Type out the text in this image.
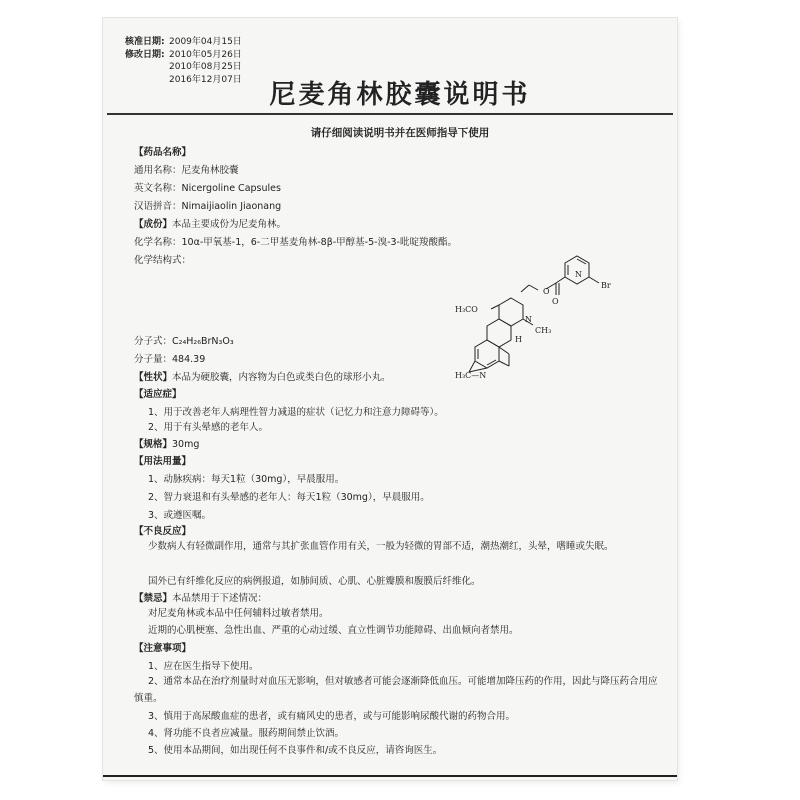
核准日期: 2009年04月15日
修改日期: 2010年05月26日
2010年08月25日
2016年12月07日
尼麦角林胶囊说明书
请仔细阅读说明书并在医师指导下使用
【药品名称】
通用名称：尼麦角林胶囊
英文名称：Nicergoline Capsules
汉语拼音：Nimaijiaolin Jiaonang
【成份】本品主要成份为尼麦角林。
化学名称：10α-甲氧基-1，6-二甲基麦角林-8β-甲醇基-5-溴-3-吡啶羧酸酯。
化学结构式：
O
O
Br
N
H₃CO
N
CH₃
H
H₃C—N
分子式：C₂₄H₂₆BrN₃O₃
分子量：484.39
【性状】本品为硬胶囊，内容物为白色或类白色的球形小丸。
【适应症】
1、用于改善老年人病理性智力减退的症状（记忆力和注意力障碍等）。
2、用于有头晕感的老年人。
【规格】30mg
【用法用量】
1、动脉疾病：每天1粒（30mg），早晨服用。
2、智力衰退和有头晕感的老年人：每天1粒（30mg），早晨服用。
3、或遵医嘱。
【不良反应】
少数病人有轻微副作用，通常与其扩张血管作用有关，一般为轻微的胃部不适，潮热潮红，头晕，嗜睡或失眠。
国外已有纤维化反应的病例报道，如肺间质、心肌、心脏瓣膜和腹膜后纤维化。
【禁忌】本品禁用于下述情况：
对尼麦角林或本品中任何辅料过敏者禁用。
近期的心肌梗塞、急性出血、严重的心动过缓、直立性调节功能障碍、出血倾向者禁用。
【注意事项】
1、应在医生指导下使用。
2、通常本品在治疗剂量时对血压无影响，但对敏感者可能会逐渐降低血压。可能增加降压药的作用，因此与降压药合用应慎重。
3、慎用于高尿酸血症的患者，或有痛风史的患者，或与可能影响尿酸代谢的药物合用。
4、肾功能不良者应减量。服药期间禁止饮酒。
5、使用本品期间，如出现任何不良事件和/或不良反应，请咨询医生。
